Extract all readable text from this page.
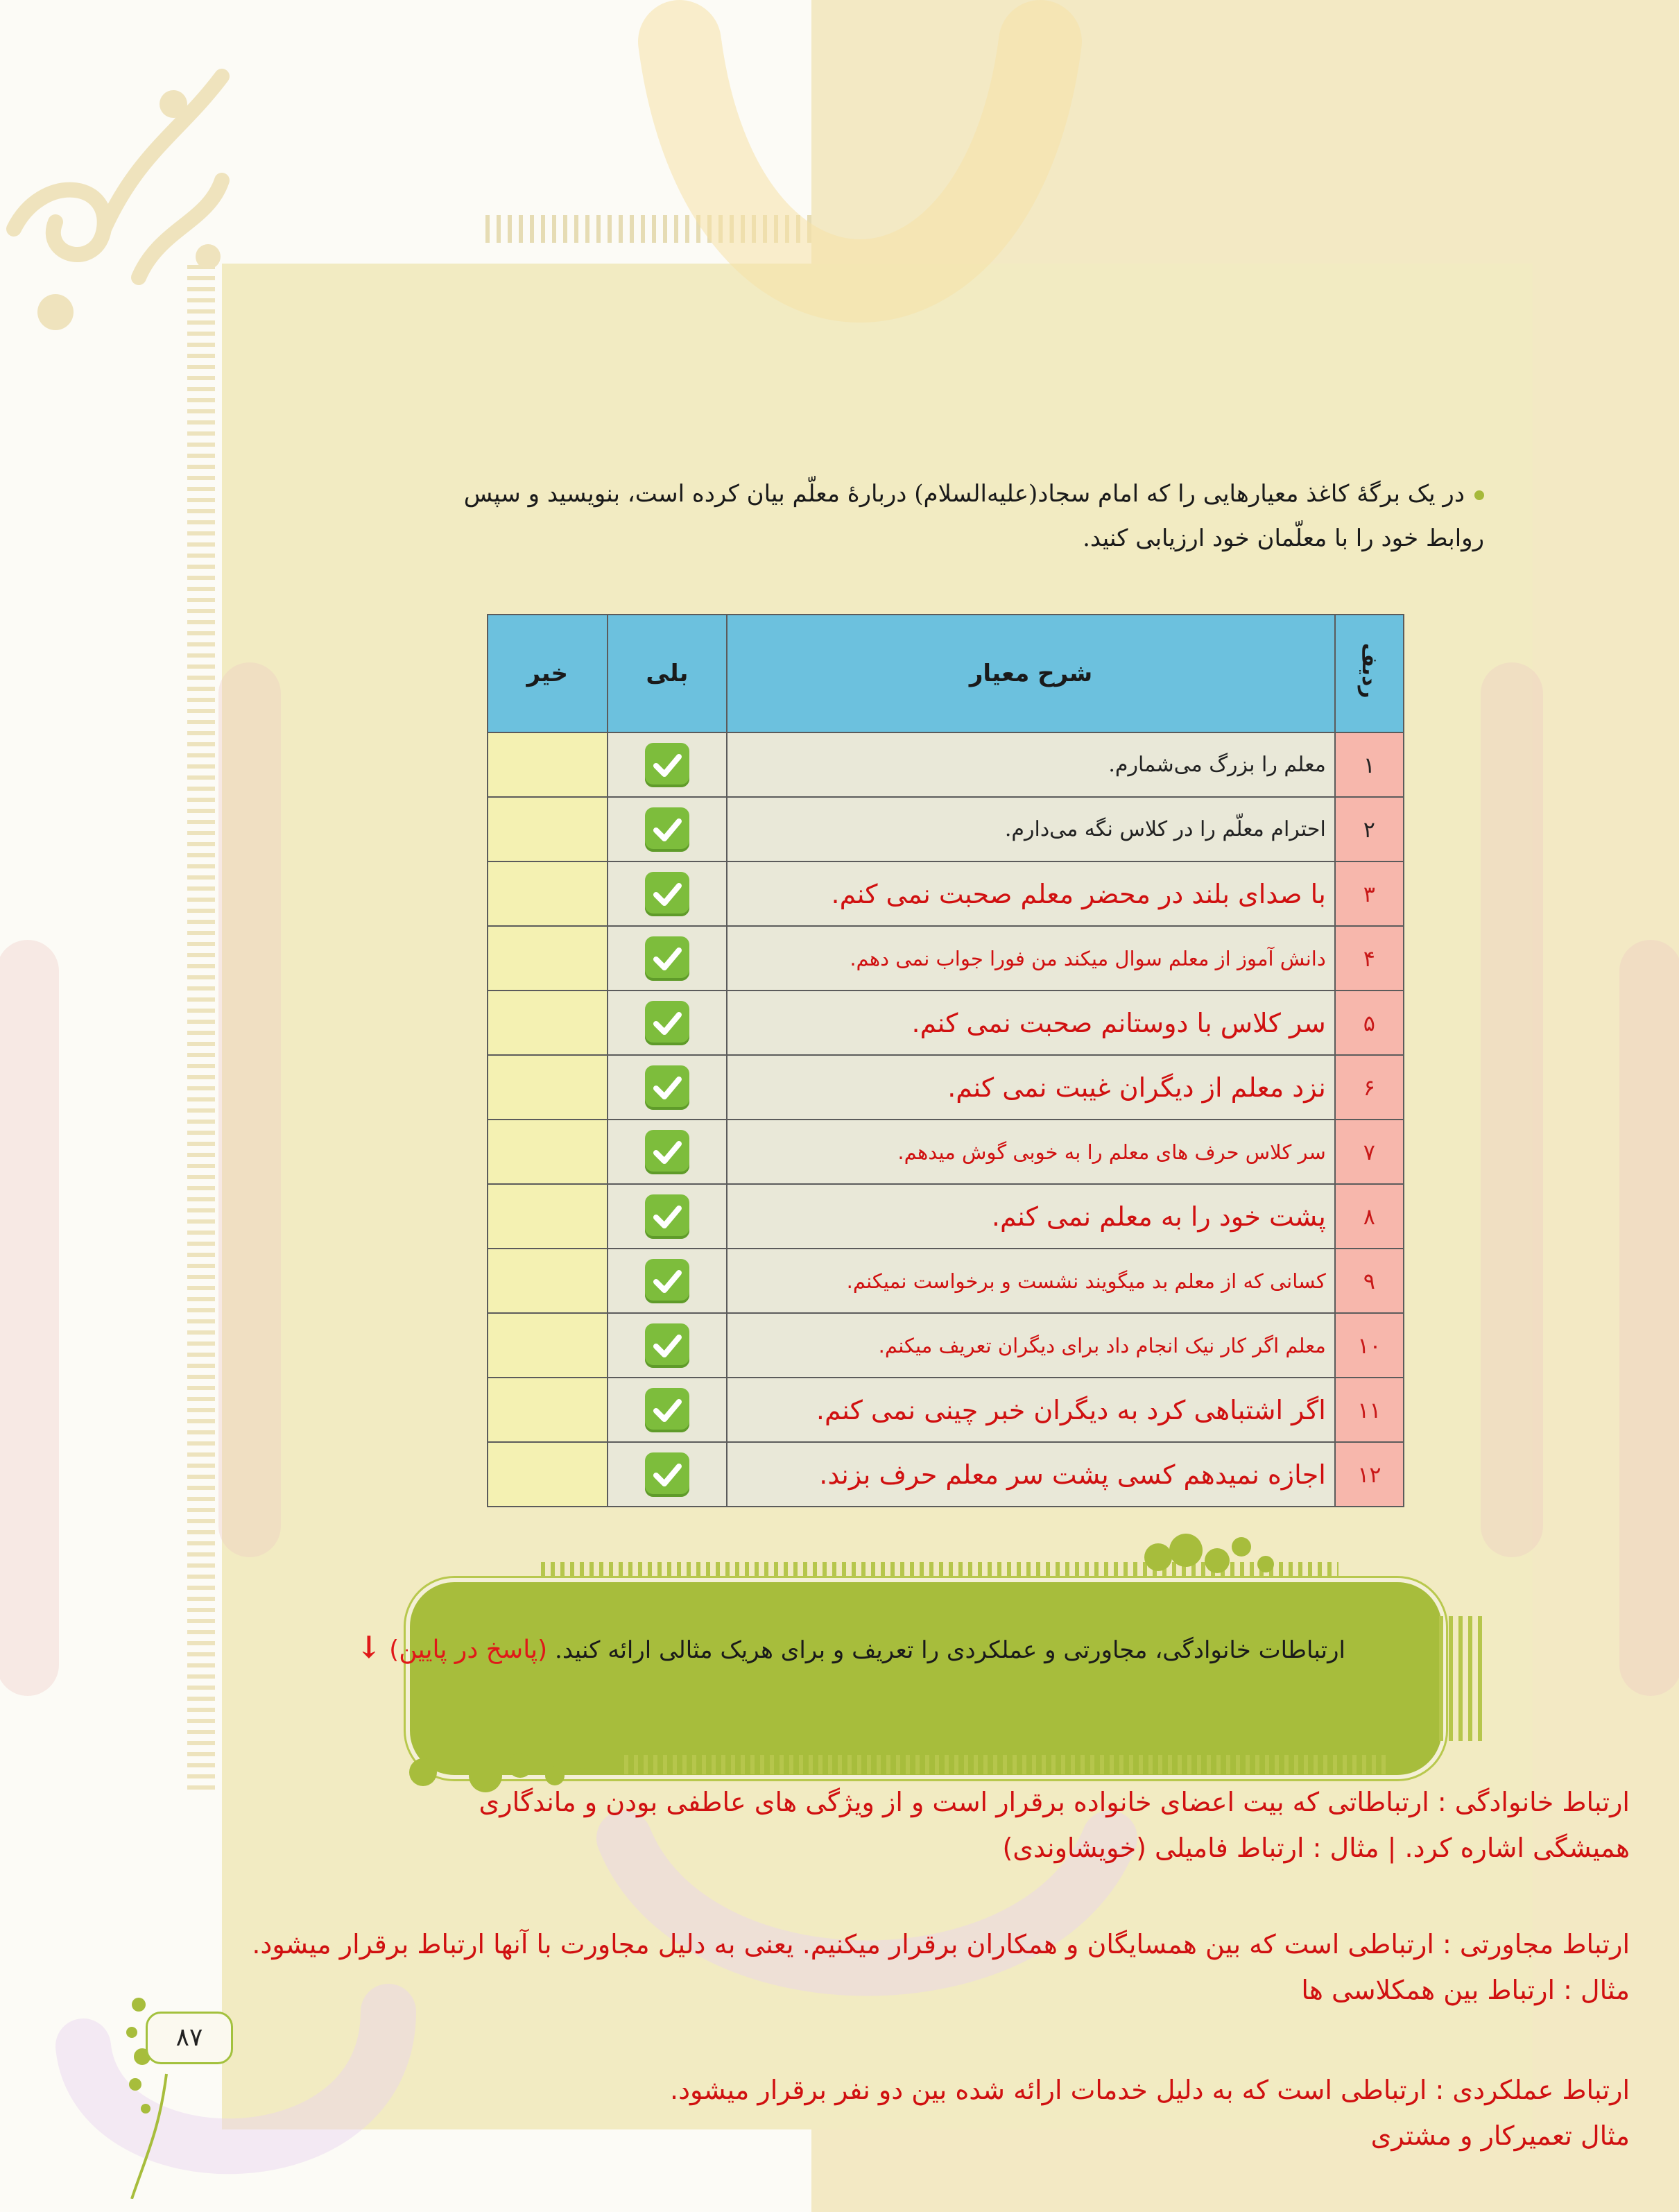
در یک برگهٔ کاغذ معیارهایی را که امام سجاد(علیه‌السلام) دربارهٔ معلّم بیان کرده است، بنویسید و سپس
روابط خود را با معلّمان خود ارزیابی کنید.
ردیف	شرح معیار	بلی	خیر
۱	معلم را بزرگ می‌شمارم.		
۲	احترام معلّم را در کلاس نگه می‌دارم.		
۳	با صدای بلند در محضر معلم صحبت نمی کنم.		
۴	دانش آموز از معلم سوال میکند من فورا جواب نمی دهم.		
۵	سر کلاس با دوستانم صحبت نمی کنم.		
۶	نزد معلم از دیگران غیبت نمی کنم.		
۷	سر کلاس حرف های معلم را به خوبی گوش میدهم.		
۸	پشت خود را به معلم نمی کنم.		
۹	کسانی که از معلم بد میگویند نشست و برخواست نمیکنم.		
۱۰	معلم اگر کار نیک انجام داد برای دیگران تعریف میکنم.		
۱۱	اگر اشتباهی کرد به دیگران خبر چینی نمی کنم.		
۱۲	اجازه نمیدهم کسی پشت سر معلم حرف بزند.		
ارتباطات خانوادگی، مجاورتی و عملکردی را تعریف و برای هریک مثالی ارائه کنید. (پاسخ در پایین) ↓
ارتباط خانوادگی : ارتباطاتی که بیت اعضای خانواده برقرار است و از ویژگی های عاطفی بودن و ماندگاری
همیشگی اشاره کرد. | مثال : ارتباط فامیلی (خویشاوندی)
ارتباط مجاورتی : ارتباطی است که بین همسایگان و همکاران برقرار میکنیم. یعنی به دلیل مجاورت با آنها ارتباط برقرار میشود.
مثال : ارتباط بین همکلاسی ها
ارتباط عملکردی : ارتباطی است که به دلیل خدمات ارائه شده بین دو نفر برقرار میشود.
مثال تعمیرکار و مشتری
۸۷
